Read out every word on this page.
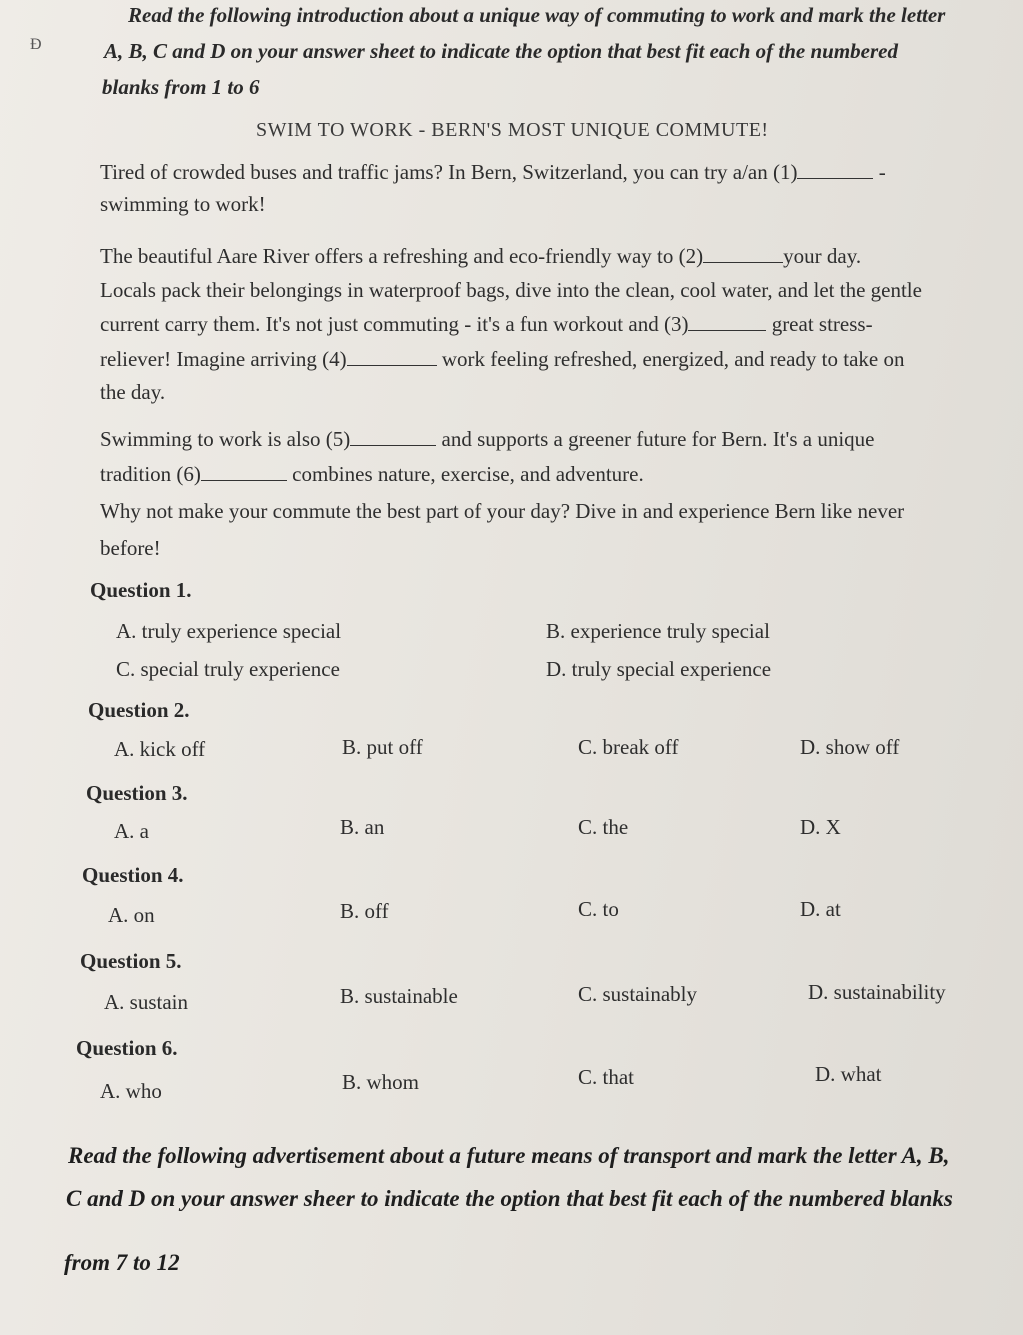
Đ
Read the following introduction about a unique way of commuting to work and mark the letter
A, B, C and D on your answer sheet to indicate the option that best fit each of the numbered
blanks from 1 to 6
SWIM TO WORK - BERN'S MOST UNIQUE COMMUTE!
Tired of crowded buses and traffic jams? In Bern, Switzerland, you can try a/an (1)	-
swimming to work!
The beautiful Aare River offers a refreshing and eco-friendly way to (2)	your day.
Locals pack their belongings in waterproof bags, dive into the clean, cool water, and let the gentle
current carry them. It's not just commuting - it's a fun workout and (3)	great stress-
reliever! Imagine arriving (4)	work feeling refreshed, energized, and ready to take on
the day.
Swimming to work is also (5)	and supports a greener future for Bern. It's a unique
tradition (6)	combines nature, exercise, and adventure.
Why not make your commute the best part of your day? Dive in and experience Bern like never
before!
Question 1.
A. truly experience special	B. experience truly special
C. special truly experience	D. truly special experience
Question 2.
A. kick off	B. put off	C. break off	D. show off
Question 3.
A. a	B. an	C. the	D. X
Question 4.
A. on	B. off	C. to	D. at
Question 5.
A. sustain	B. sustainable	C. sustainably	D. sustainability
Question 6.
A. who	B. whom	C. that	D. what
Read the following advertisement about a future means of transport and mark the letter A, B,
C and D on your answer sheer to indicate the option that best fit each of the numbered blanks
from 7 to 12
